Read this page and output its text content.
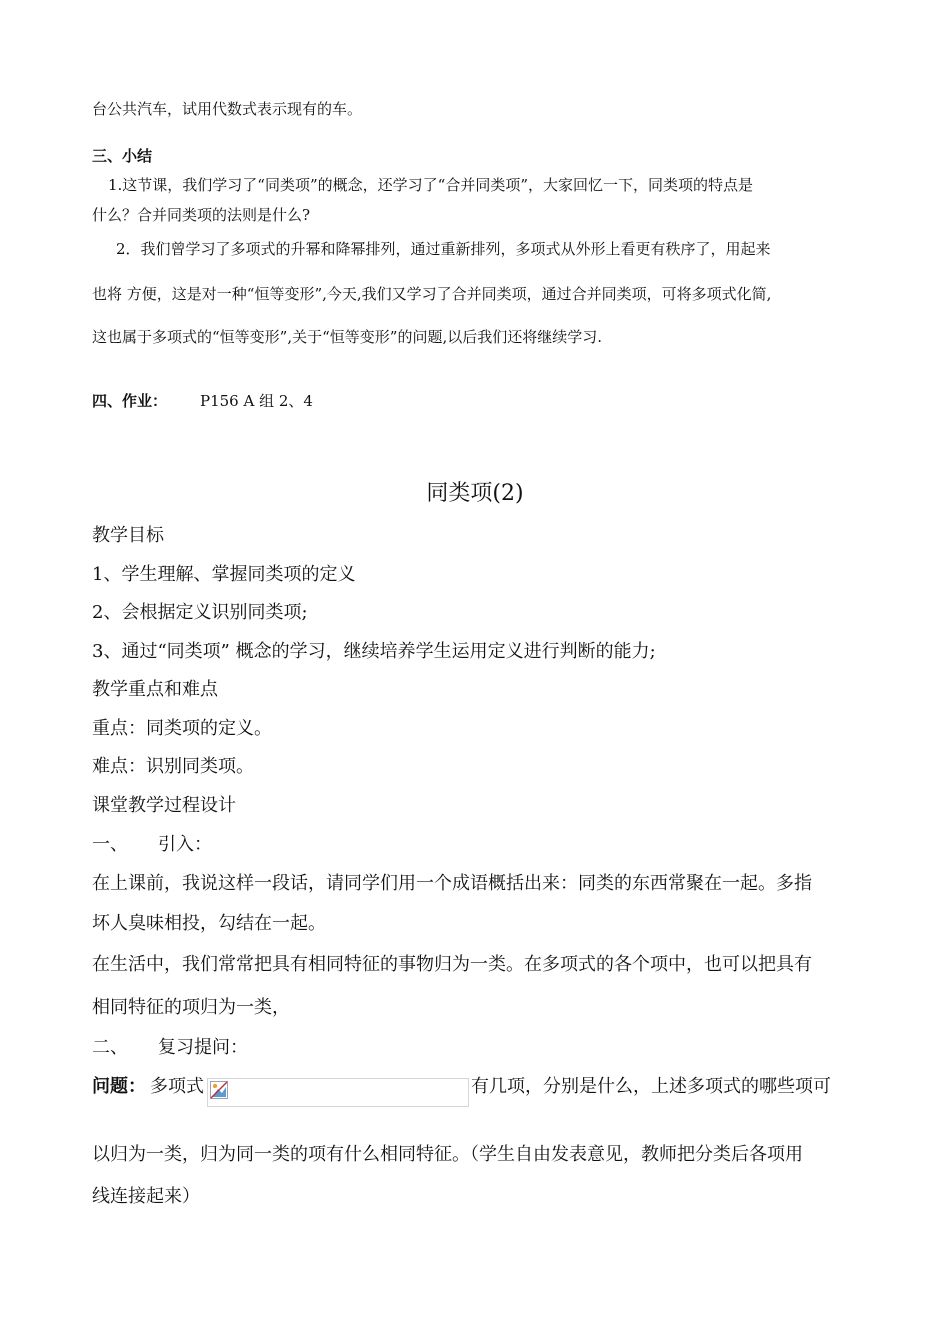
台公共汽车，试用代数式表示现有的车。
三、小结
1.这节课，我们学习了“同类项”的概念，还学习了“合并同类项”，大家回忆一下，同类项的特点是
什么？合并同类项的法则是什么?
2．我们曾学习了多项式的升幂和降幂排列，通过重新排列，多项式从外形上看更有秩序了，用起来
也将 方便，这是对一种“恒等变形”,今天,我们又学习了合并同类项，通过合并同类项，可将多项式化简,
这也属于多项式的“恒等变形”,关于“恒等变形”的问题,以后我们还将继续学习.
四、作业： P156 A 组 2、4
同类项(2)
教学目标
1、学生理解、掌握同类项的定义
2、会根据定义识别同类项;
3、通过“同类项” 概念的学习，继续培养学生运用定义进行判断的能力;
教学重点和难点
重点：同类项的定义。
难点：识别同类项。
课堂教学过程设计
一、 引入：
在上课前，我说这样一段话，请同学们用一个成语概括出来：同类的东西常聚在一起。多指
坏人臭味相投，勾结在一起。
在生活中，我们常常把具有相同特征的事物归为一类。在多项式的各个项中，也可以把具有
相同特征的项归为一类，
二、 复习提问：
问题： 多项式	有几项，分别是什么，上述多项式的哪些项可
以归为一类，归为同一类的项有什么相同特征。（学生自由发表意见，教师把分类后各项用
线连接起来）
